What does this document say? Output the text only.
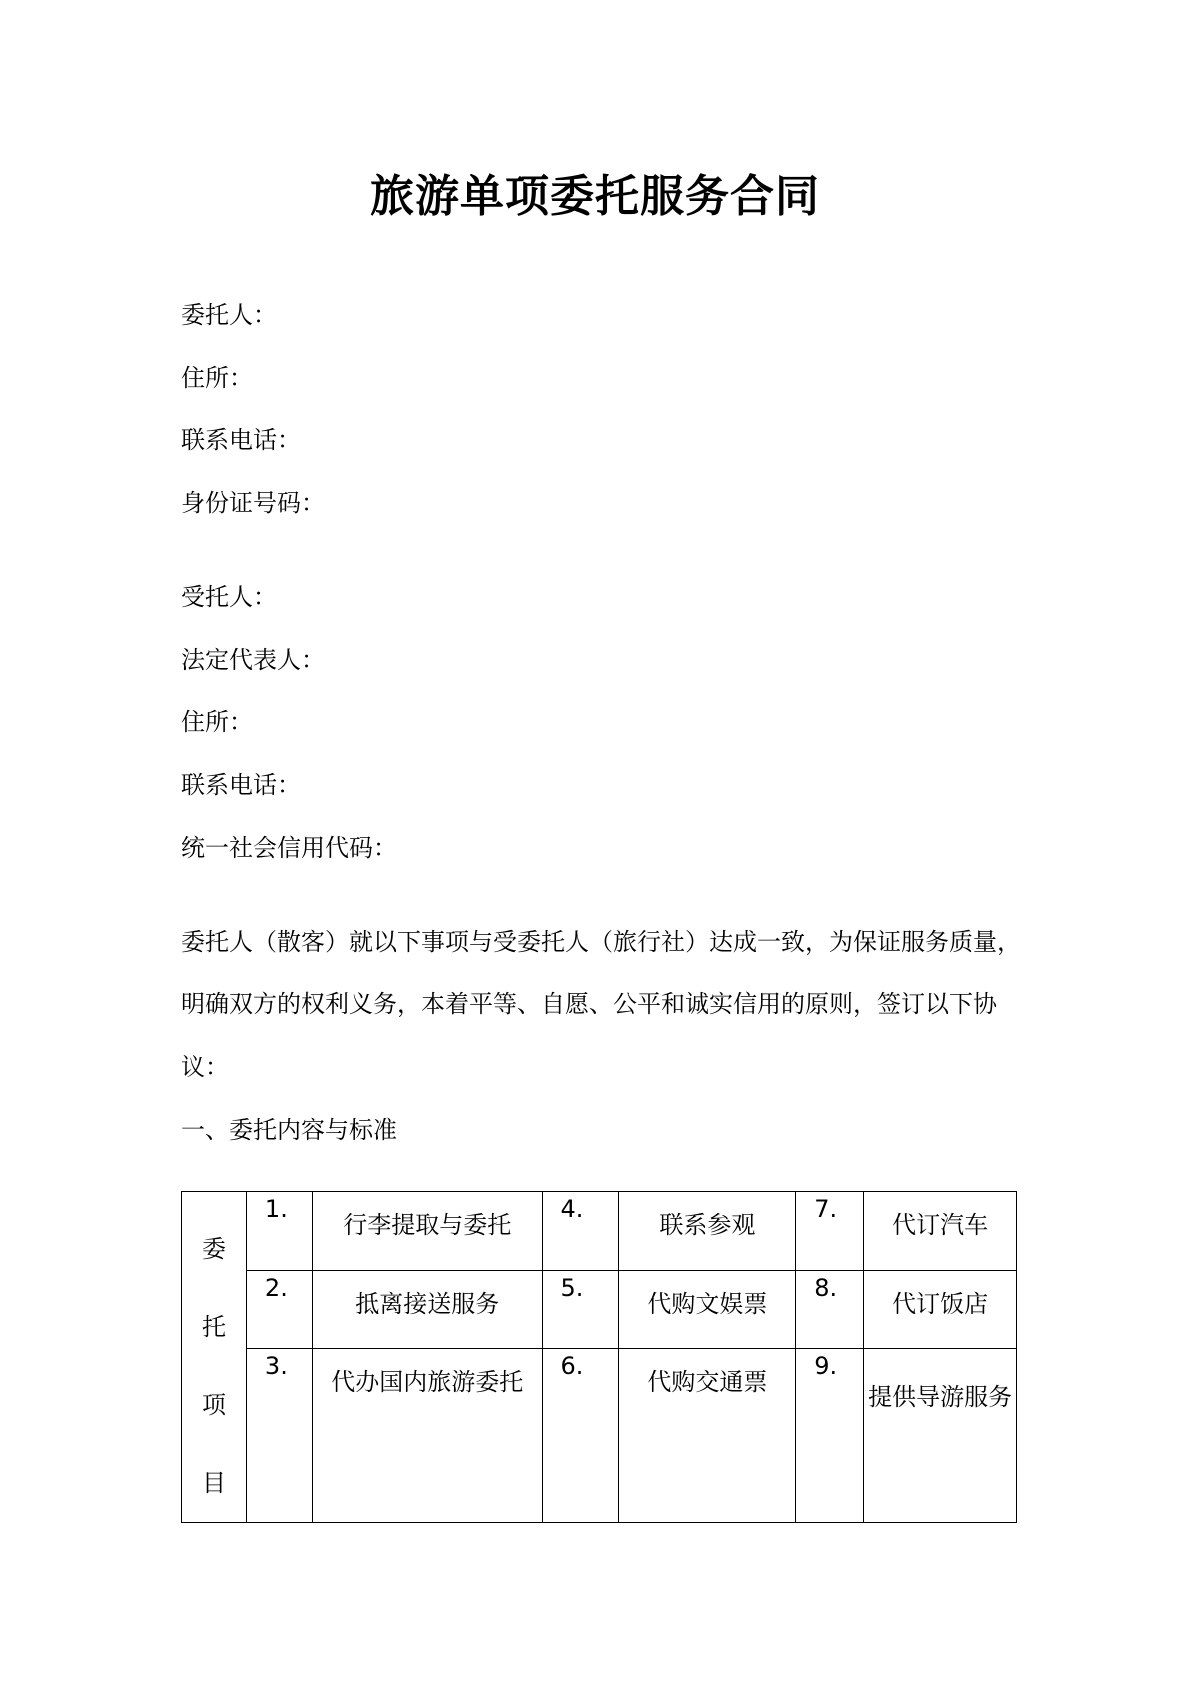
旅游单项委托服务合同
委托人：
住所：
联系电话：
身份证号码：
受托人：
法定代表人：
住所：
联系电话：
统一社会信用代码：
委托人（散客）就以下事项与受委托人（旅行社）达成一致，为保证服务质量，
明确双方的权利义务，本着平等、自愿、公平和诚实信用的原则，签订以下协
议：
一、委托内容与标准
委
托
项
目	1.	行李提取与委托	4.	联系参观	7.	代订汽车
	2.	抵离接送服务	5.	代购文娱票	8.	代订饭店
	3.	代办国内旅游委托	6.	代购交通票	9.	提供导游服务
